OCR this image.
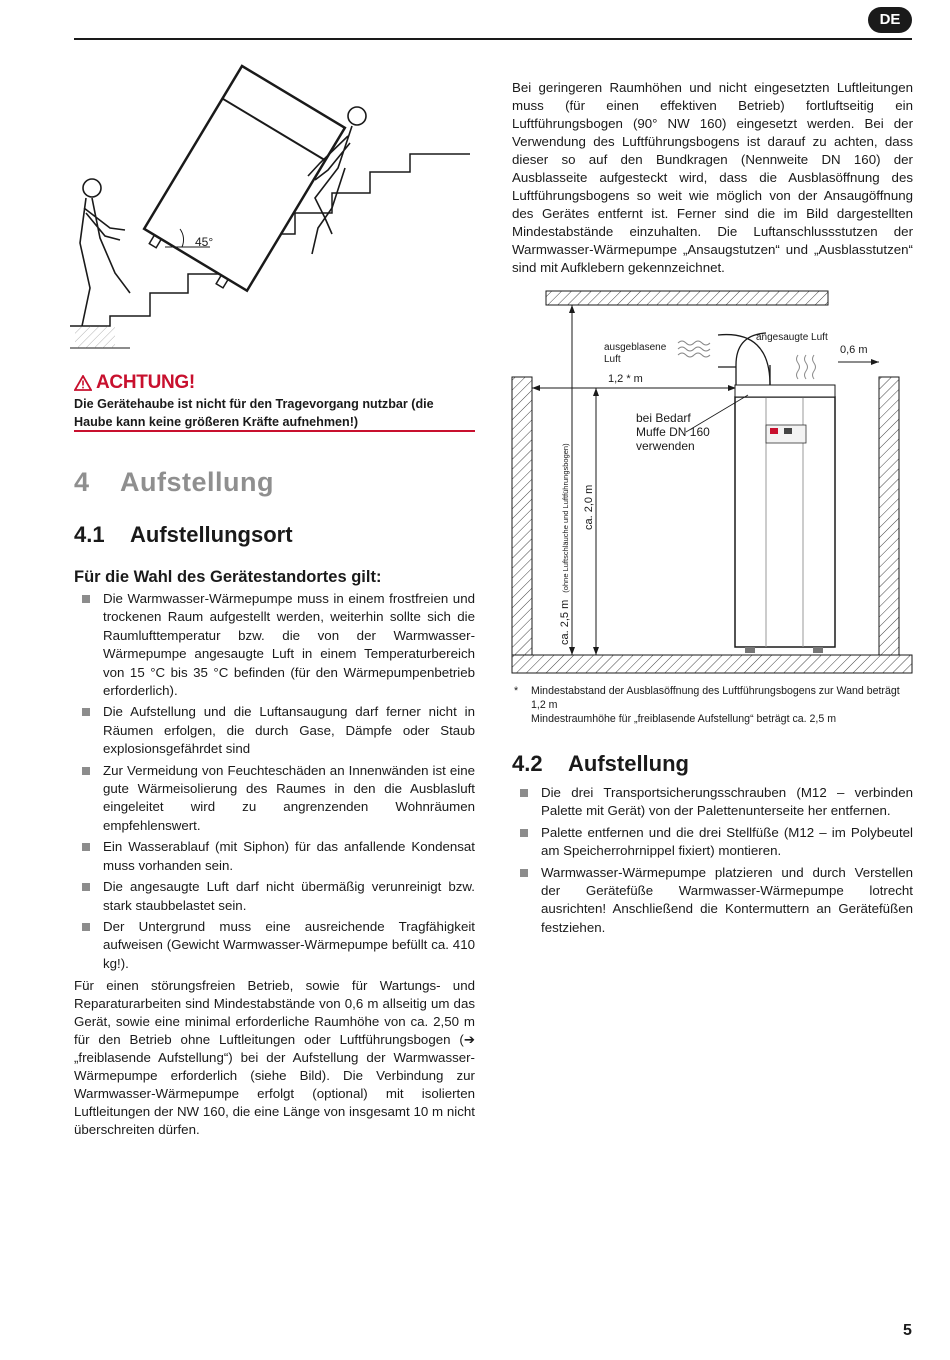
DE
45°

Bei geringeren Raumhöhen und nicht eingesetzten Luftleitungen muss (für einen effektiven Betrieb) fortluftseitig ein Luftführungsbogen (90° NW 160) eingesetzt werden. Bei der Verwendung des Luftführungsbogens ist darauf zu achten, dass dieser so auf den Bundkragen (Nennweite DN 160) der Ausblasseite aufgesteckt wird, dass die Ausblasöffnung des Luftführungsbogens so weit wie möglich von der Ansaugöffnung des Gerätes entfernt ist. Ferner sind die im Bild dargestellten Mindestabstände einzuhalten. Die Luftanschlussstutzen der Warmwasser-Wärmepumpe „Ansaugstutzen“ und „Ausblasstutzen“ sind mit Aufklebern gekennzeichnet.

ausgeblasene
Luft
angesaugte Luft
0,6 m
1,2 * m
bei Bedarf
Muffe DN 160
verwenden
ca. 2,5 m (ohne Luftschläuche und Luftführungsbogen) ca. 2,0 m
* Mindestabstand der Ausblasöffnung des Luftführungsbogens zur Wand beträgt 1,2 m
Mindestraumhöhe für „freiblasende Aufstellung“ beträgt ca. 2,5 m
ACHTUNG!
Die Gerätehaube ist nicht für den Tragevorgang nutzbar (die Haube kann keine größeren Kräfte aufnehmen!)
4 Aufstellung
4.1 Aufstellungsort
Für die Wahl des Gerätestandortes gilt:
Die Warmwasser-Wärmepumpe muss in einem frostfreien und trockenen Raum aufgestellt werden, weiterhin sollte sich die Raumlufttemperatur bzw. die von der Warmwasser-Wärmepumpe angesaugte Luft in einem Temperaturbereich von 15 °C bis 35 °C befinden (für den Wärmepumpenbetrieb erforderlich).
Die Aufstellung und die Luftansaugung darf ferner nicht in Räumen erfolgen, die durch Gase, Dämpfe oder Staub explosionsgefährdet sind
Zur Vermeidung von Feuchteschäden an Innenwänden ist eine gute Wärmeisolierung des Raumes in den die Ausblasluft eingeleitet wird zu angrenzenden Wohnräumen empfehlenswert.
Ein Wasserablauf (mit Siphon) für das anfallende Kondensat muss vorhanden sein.
Die angesaugte Luft darf nicht übermäßig verunreinigt bzw. stark staubbelastet sein.
Der Untergrund muss eine ausreichende Tragfähigkeit aufweisen (Gewicht Warmwasser-Wärmepumpe befüllt ca. 410 kg!).

Für einen störungsfreien Betrieb, sowie für Wartungs- und Reparaturarbeiten sind Mindestabstände von 0,6 m allseitig um das Gerät, sowie eine minimal erforderliche Raumhöhe von ca. 2,50 m für den Betrieb ohne Luftleitungen oder Luftführungsbogen (➔ „freiblasende Aufstellung“) bei der Aufstellung der Warmwasser-Wärmepumpe erforderlich (siehe Bild). Die Verbindung zur Warmwasser-Wärmepumpe erfolgt (optional) mit isolierten Luftleitungen der NW 160, die eine Länge von insgesamt 10 m nicht überschreiten dürfen.

4.2 Aufstellung
Die drei Transportsicherungsschrauben (M12 – verbinden Palette mit Gerät) von der Palettenunterseite her entfernen.
Palette entfernen und die drei Stellfüße (M12 – im Polybeutel am Speicherrohrnippel fixiert) montieren.
Warmwasser-Wärmepumpe platzieren und durch Verstellen der Gerätefüße Warmwasser-Wärmepumpe lotrecht ausrichten! Anschließend die Kontermuttern an Gerätefüßen festziehen.
5
